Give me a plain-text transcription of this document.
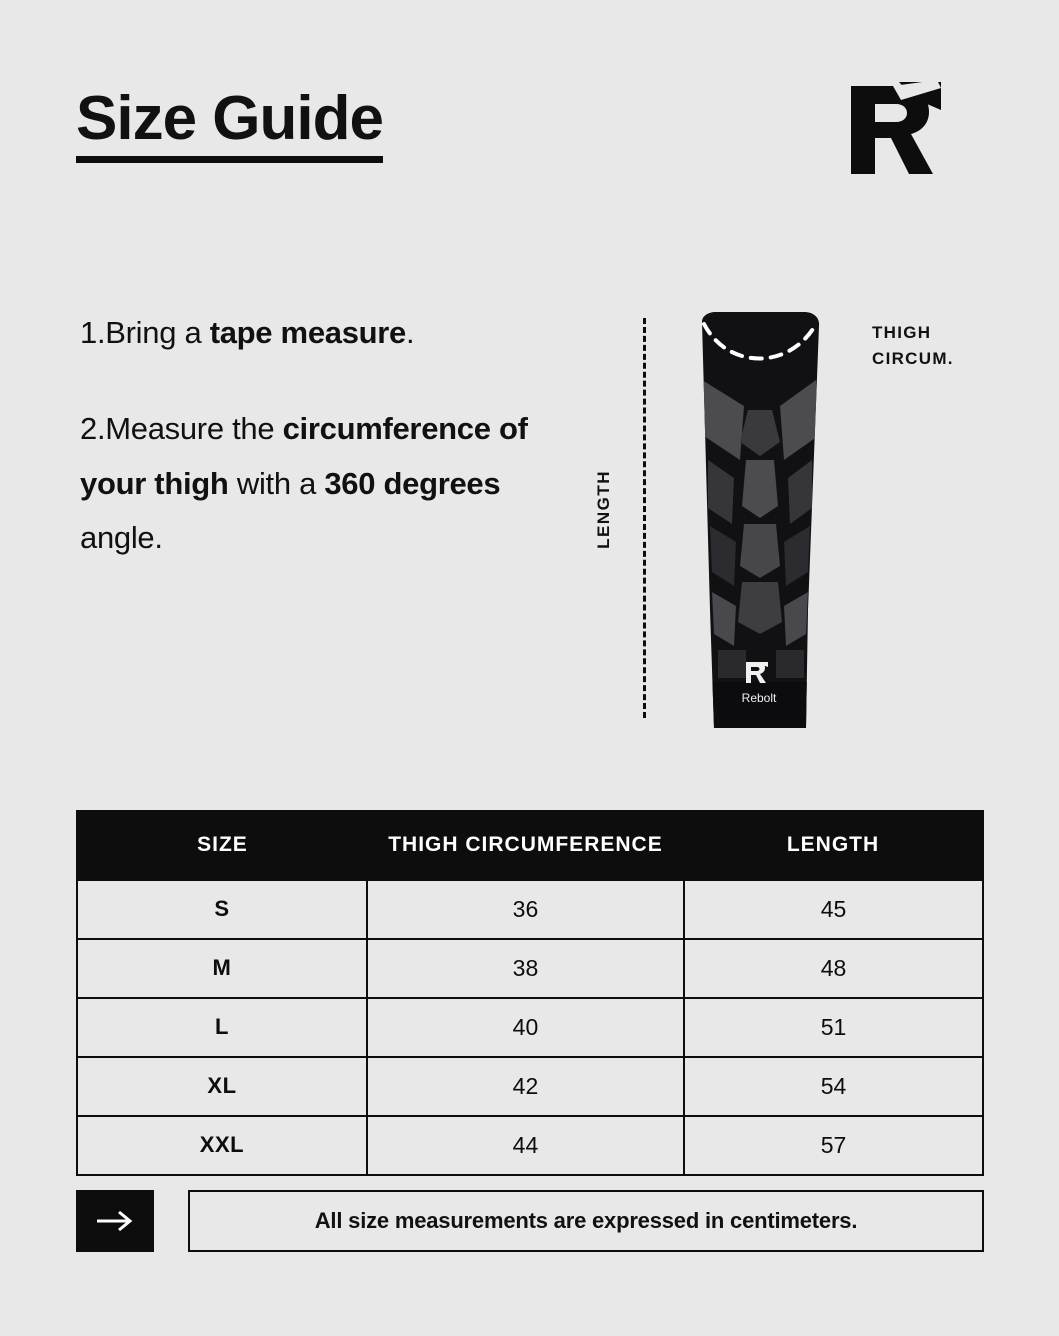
Size Guide

1.Bring a tape measure.

2.Measure the circumference of your thigh with a 360 degrees angle.	LENGTH
THIGH CIRCUM.
Rebolt
SIZE	THIGH CIRCUMFERENCE	LENGTH
S	36	45
M	38	48
L	40	51
XL	42	54
XXL	44	57
All size measurements are expressed in centimeters.
